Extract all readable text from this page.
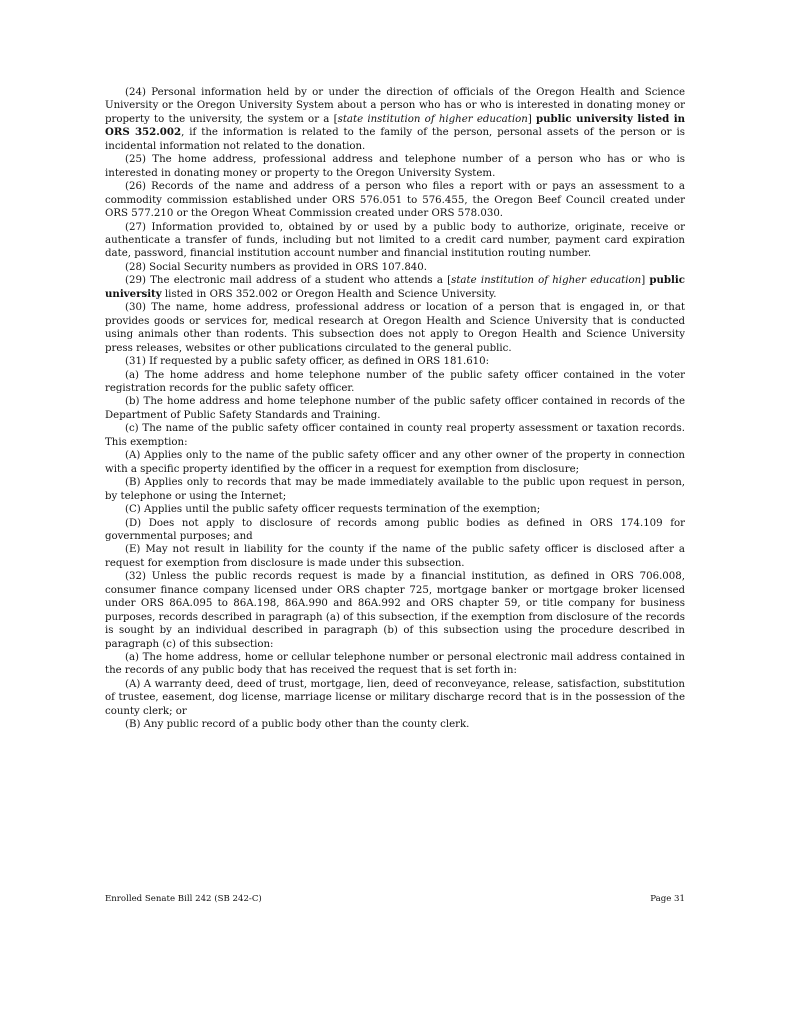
(24) Personal information held by or under the direction of officials of the Oregon Health and Science University or the Oregon University System about a person who has or who is interested in donating money or property to the university, the system or a [state institution of higher education] public university listed in ORS 352.002, if the information is related to the family of the person, personal assets of the person or is incidental information not related to the donation.

(25) The home address, professional address and telephone number of a person who has or who is interested in donating money or property to the Oregon University System.

(26) Records of the name and address of a person who files a report with or pays an assessment to a commodity commission established under ORS 576.051 to 576.455, the Oregon Beef Council created under ORS 577.210 or the Oregon Wheat Commission created under ORS 578.030.

(27) Information provided to, obtained by or used by a public body to authorize, originate, receive or authenticate a transfer of funds, including but not limited to a credit card number, payment card expiration date, password, financial institution account number and financial institution routing number.

(28) Social Security numbers as provided in ORS 107.840.

(29) The electronic mail address of a student who attends a [state institution of higher education] public university listed in ORS 352.002 or Oregon Health and Science University.

(30) The name, home address, professional address or location of a person that is engaged in, or that provides goods or services for, medical research at Oregon Health and Science University that is conducted using animals other than rodents. This subsection does not apply to Oregon Health and Science University press releases, websites or other publications circulated to the general public.

(31) If requested by a public safety officer, as defined in ORS 181.610:

(a) The home address and home telephone number of the public safety officer contained in the voter registration records for the public safety officer.

(b) The home address and home telephone number of the public safety officer contained in records of the Department of Public Safety Standards and Training.

(c) The name of the public safety officer contained in county real property assessment or taxation records. This exemption:

(A) Applies only to the name of the public safety officer and any other owner of the property in connection with a specific property identified by the officer in a request for exemption from disclosure;

(B) Applies only to records that may be made immediately available to the public upon request in person, by telephone or using the Internet;

(C) Applies until the public safety officer requests termination of the exemption;

(D) Does not apply to disclosure of records among public bodies as defined in ORS 174.109 for governmental purposes; and

(E) May not result in liability for the county if the name of the public safety officer is disclosed after a request for exemption from disclosure is made under this subsection.

(32) Unless the public records request is made by a financial institution, as defined in ORS 706.008, consumer finance company licensed under ORS chapter 725, mortgage banker or mortgage broker licensed under ORS 86A.095 to 86A.198, 86A.990 and 86A.992 and ORS chapter 59, or title company for business purposes, records described in paragraph (a) of this subsection, if the exemption from disclosure of the records is sought by an individual described in paragraph (b) of this subsection using the procedure described in paragraph (c) of this subsection:

(a) The home address, home or cellular telephone number or personal electronic mail address contained in the records of any public body that has received the request that is set forth in:

(A) A warranty deed, deed of trust, mortgage, lien, deed of reconveyance, release, satisfaction, substitution of trustee, easement, dog license, marriage license or military discharge record that is in the possession of the county clerk; or

(B) Any public record of a public body other than the county clerk.

Enrolled Senate Bill 242 (SB 242-C)	Page 31
